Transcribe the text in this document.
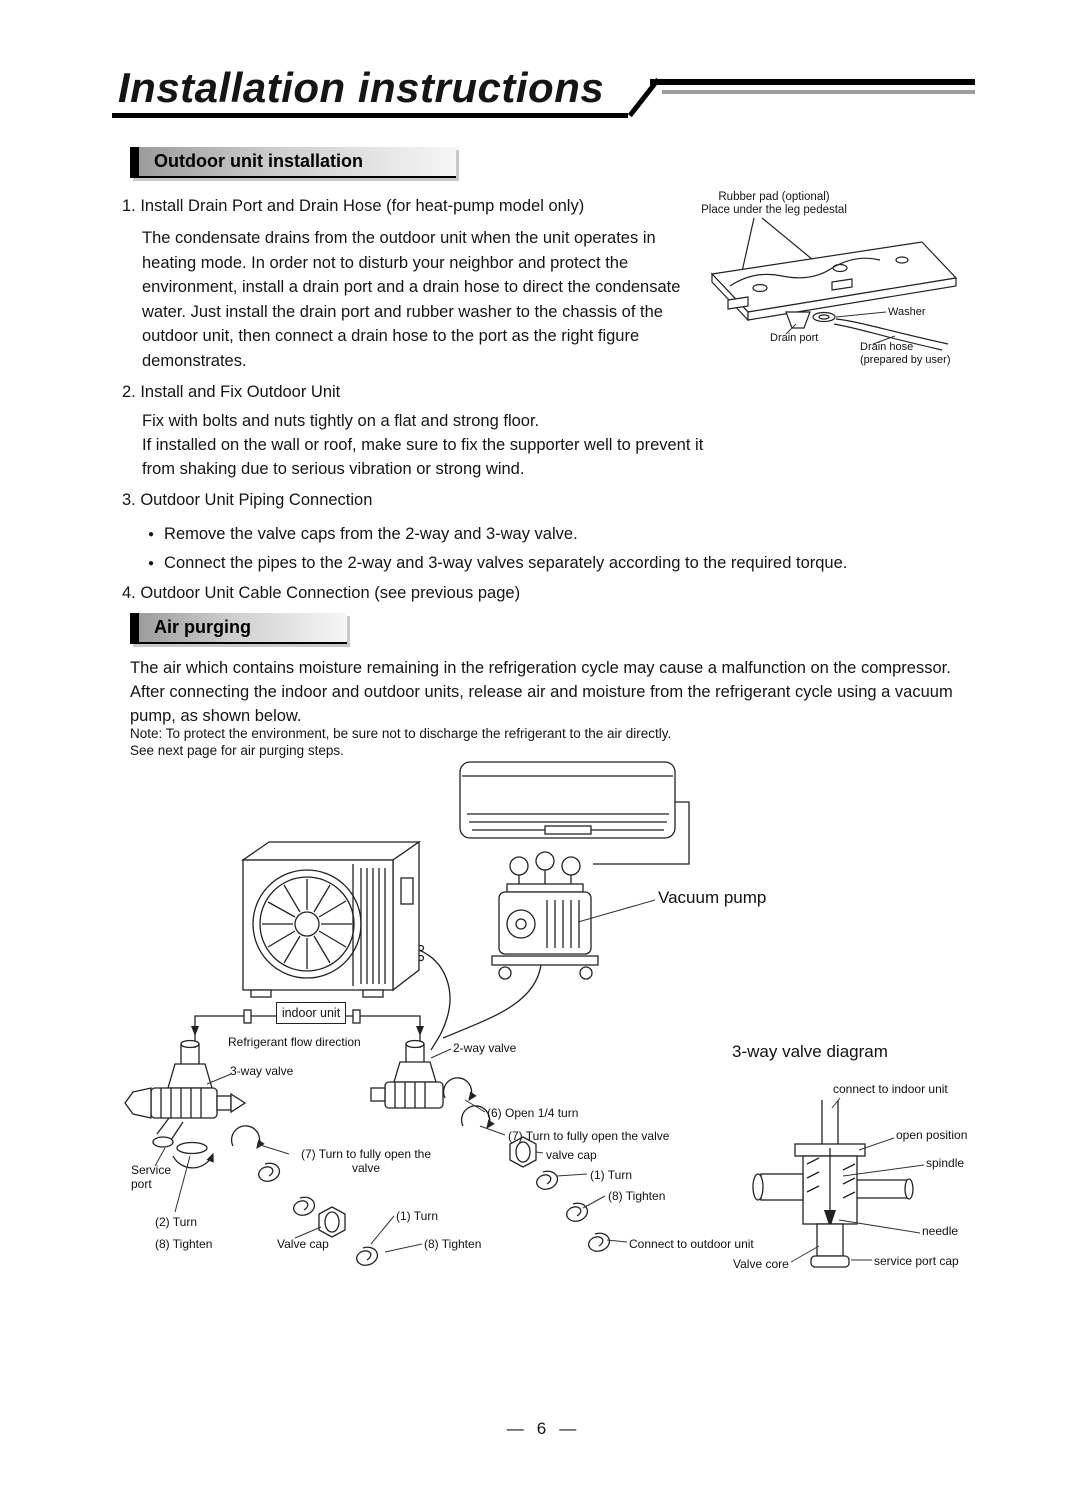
Installation instructions
Outdoor unit installation
1. Install Drain Port and Drain Hose (for heat-pump model only)
The condensate drains from the outdoor unit when the unit operates in heating mode. In order not to disturb your neighbor and protect the environment, install a drain port and a drain hose to direct the condensate water. Just install the drain port and rubber washer to the chassis of the outdoor unit, then connect a drain hose to the port as the right figure demonstrates.
Rubber pad (optional)
Place under the leg pedestal
Washer
Drain port
Drain hose
(prepared by user)
2. Install and Fix Outdoor Unit
Fix with bolts and nuts tightly on a flat and strong floor.
If installed on the wall or roof, make sure to fix the supporter well to prevent it
from shaking due to serious vibration or strong wind.
3. Outdoor Unit Piping Connection
● Remove the valve caps from the 2-way and 3-way valve.
● Connect the pipes to the 2-way and 3-way valves separately according to the required torque.
4. Outdoor Unit Cable Connection (see previous page)
Air purging
The air which contains moisture remaining in the refrigeration cycle may cause a malfunction on the compressor. After connecting the indoor and outdoor units, release air and moisture from the refrigerant cycle using a vacuum pump, as shown below.
Note: To protect the environment, be sure not to discharge the refrigerant to the air directly.
See next page for air purging steps.
Vacuum pump
indoor unit
Refrigerant flow direction
3-way valve
2-way valve
(6) Open 1/4 turn
(7) Turn to fully open the valve
valve cap
(1) Turn
(8) Tighten
(7) Turn to fully open the
valve
Service
port
(2) Turn
(8) Tighten	Valve cap
(1) Turn
(8) Tighten	Connect to outdoor unit
3-way valve diagram
connect to indoor unit
open position
spindle
needle
Valve core	service port cap
— 6 —
